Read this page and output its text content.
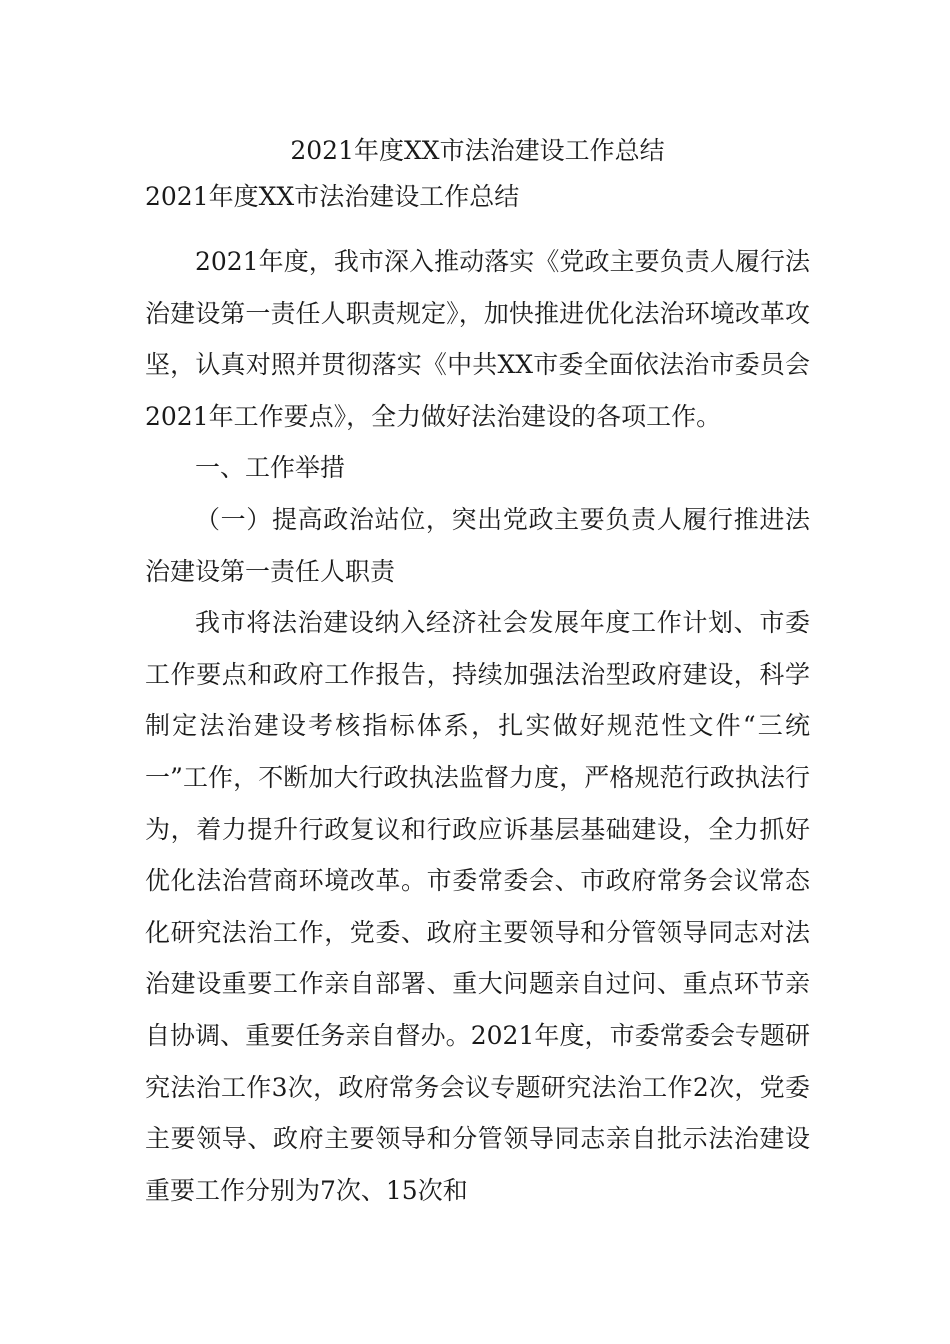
2021年度XX市法治建设工作总结
2021年度XX市法治建设工作总结

2021年度，我市深入推动落实《党政主要负责人履行法治建设第一责任人职责规定》，加快推进优化法治环境改革攻坚，认真对照并贯彻落实《中共XX市委全面依法治市委员会2021年工作要点》，全力做好法治建设的各项工作。

一、工作举措

（一）提高政治站位，突出党政主要负责人履行推进法治建设第一责任人职责

我市将法治建设纳入经济社会发展年度工作计划、市委工作要点和政府工作报告，持续加强法治型政府建设，科学制定法治建设考核指标体系，扎实做好规范性文件“三统一”工作，不断加大行政执法监督力度，严格规范行政执法行为，着力提升行政复议和行政应诉基层基础建设，全力抓好优化法治营商环境改革。市委常委会、市政府常务会议常态化研究法治工作，党委、政府主要领导和分管领导同志对法治建设重要工作亲自部署、重大问题亲自过问、重点环节亲自协调、重要任务亲自督办。2021年度，市委常委会专题研究法治工作3次，政府常务会议专题研究法治工作2次，党委主要领导、政府主要领导和分管领导同志亲自批示法治建设重要工作分别为7次、15次和
